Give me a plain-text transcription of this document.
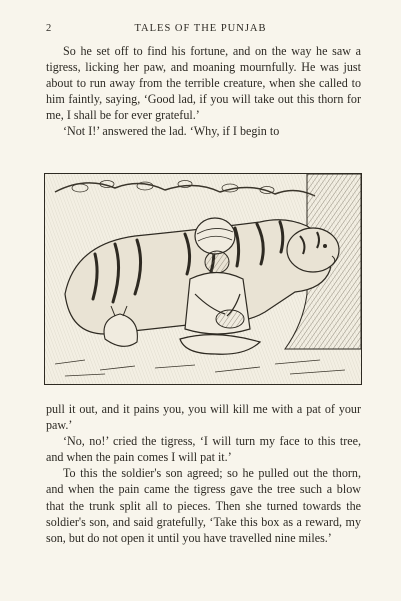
2	TALES OF THE PUNJAB

So he set off to find his fortune, and on the way he saw a tigress, licking her paw, and moaning mournfully. He was just about to run away from the terrible creature, when she called to him faintly, saying, ‘Good lad, if you will take out this thorn for me, I shall be for ever grateful.’

‘Not I!’ answered the lad. ‘Why, if I begin to

pull it out, and it pains you, you will kill me with a pat of your paw.’

‘No, no!’ cried the tigress, ‘I will turn my face to this tree, and when the pain comes I will pat it.’

To this the soldier's son agreed; so he pulled out the thorn, and when the pain came the tigress gave the tree such a blow that the trunk split all to pieces. Then she turned towards the soldier's son, and said gratefully, ‘Take this box as a reward, my son, but do not open it until you have travelled nine miles.’
